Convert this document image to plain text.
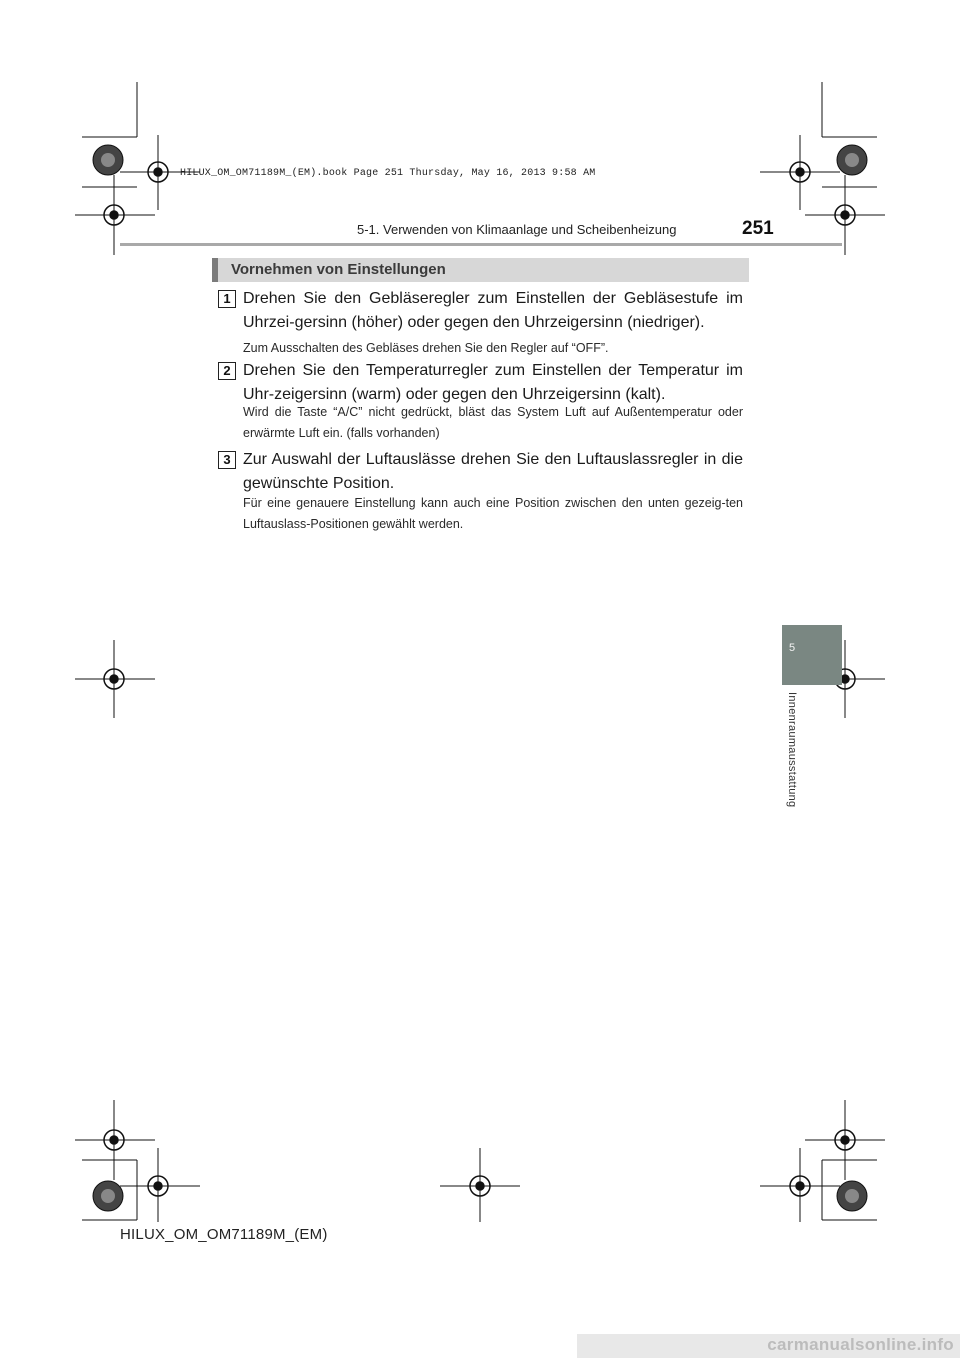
HILUX_OM_OM71189M_(EM).book Page 251 Thursday, May 16, 2013 9:58 AM
5-1. Verwenden von Klimaanlage und Scheibenheizung	251
Vornehmen von Einstellungen
1 Drehen Sie den Gebläseregler zum Einstellen der Gebläsestufe im Uhrzei-gersinn (höher) oder gegen den Uhrzeigersinn (niedriger).
Zum Ausschalten des Gebläses drehen Sie den Regler auf “OFF”.
2 Drehen Sie den Temperaturregler zum Einstellen der Temperatur im Uhr-zeigersinn (warm) oder gegen den Uhrzeigersinn (kalt).
Wird die Taste “A/C” nicht gedrückt, bläst das System Luft auf Außentemperatur oder erwärmte Luft ein. (falls vorhanden)
3 Zur Auswahl der Luftauslässe drehen Sie den Luftauslassregler in die gewünschte Position.
Für eine genauere Einstellung kann auch eine Position zwischen den unten gezeig-ten Luftauslass-Positionen gewählt werden.
5
Innenraumausstattung
HILUX_OM_OM71189M_(EM)
carmanualsonline.info
